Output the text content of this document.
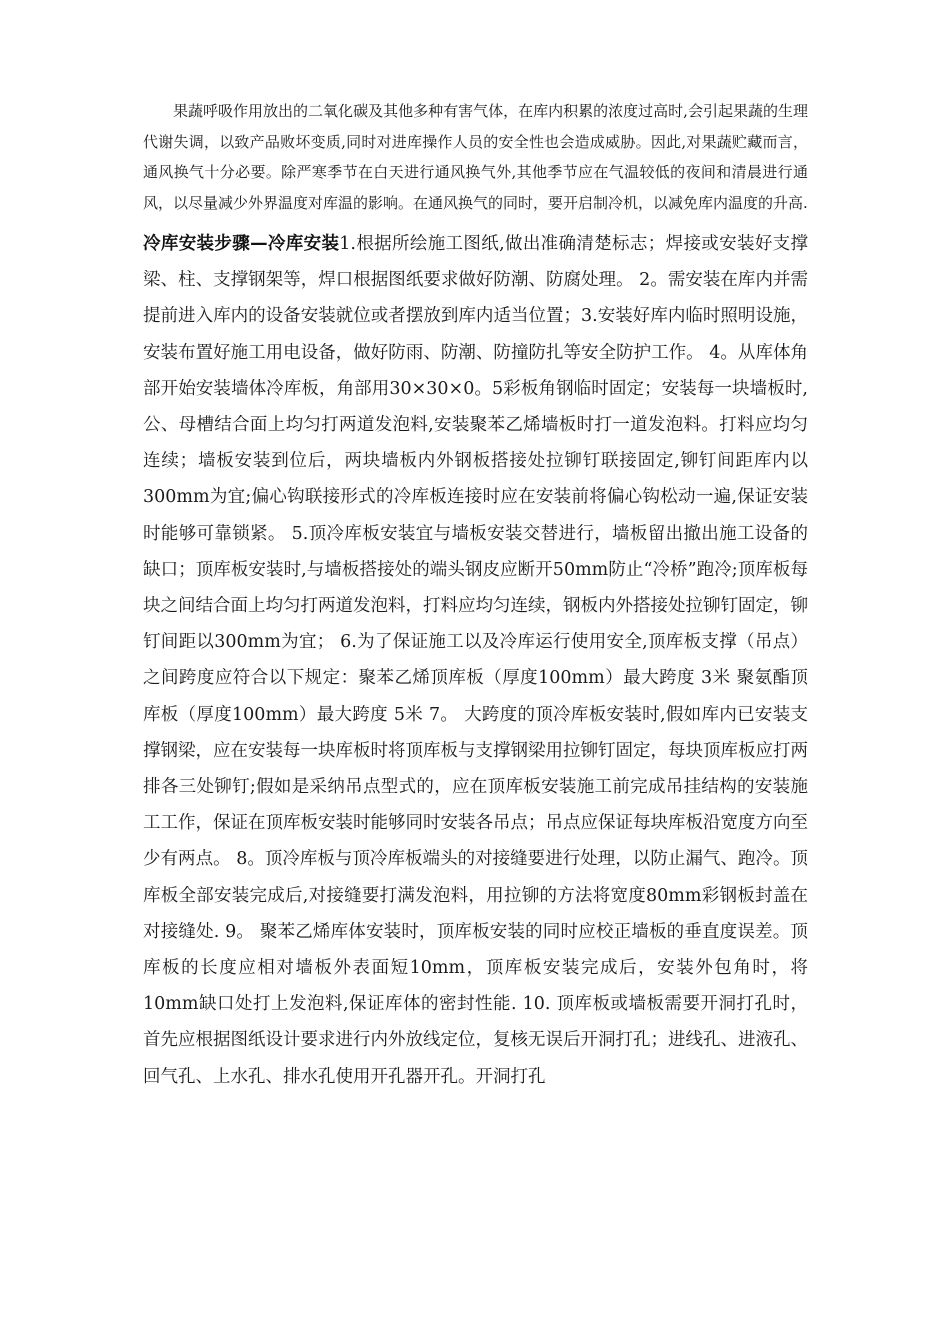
果蔬呼吸作用放出的二氧化碳及其他多种有害气体，在库内积累的浓度过高时,会引起果蔬的生理代谢失调，以致产品败坏变质,同时对进库操作人员的安全性也会造成威胁。因此,对果蔬贮藏而言，通风换气十分必要。除严寒季节在白天进行通风换气外,其他季节应在气温较低的夜间和清晨进行通风，以尽量减少外界温度对库温的影响。在通风换气的同时，要开启制冷机，以减免库内温度的升高.

冷库安装步骤—冷库安装1.根据所绘施工图纸,做出准确清楚标志；焊接或安装好支撑梁、柱、支撑钢架等，焊口根据图纸要求做好防潮、防腐处理。 2。需安装在库内并需提前进入库内的设备安装就位或者摆放到库内适当位置；3.安装好库内临时照明设施，安装布置好施工用电设备，做好防雨、防潮、防撞防扎等安全防护工作。 4。从库体角部开始安装墙体冷库板，角部用30×30×0。5彩板角钢临时固定；安装每一块墙板时,公、母槽结合面上均匀打两道发泡料,安装聚苯乙烯墙板时打一道发泡料。打料应均匀连续；墙板安装到位后，两块墙板内外钢板搭接处拉铆钉联接固定,铆钉间距库内以300mm为宜;偏心钩联接形式的冷库板连接时应在安装前将偏心钩松动一遍,保证安装时能够可靠锁紧。 5.顶冷库板安装宜与墙板安装交替进行，墙板留出撤出施工设备的缺口；顶库板安装时,与墙板搭接处的端头钢皮应断开50mm防止“冷桥”跑冷;顶库板每块之间结合面上均匀打两道发泡料，打料应均匀连续，钢板内外搭接处拉铆钉固定，铆钉间距以300mm为宜； 6.为了保证施工以及冷库运行使用安全,顶库板支撑（吊点）之间跨度应符合以下规定：聚苯乙烯顶库板（厚度100mm）最大跨度 3米 聚氨酯顶库板（厚度100mm）最大跨度 5米 7。 大跨度的顶冷库板安装时,假如库内已安装支撑钢梁，应在安装每一块库板时将顶库板与支撑钢梁用拉铆钉固定，每块顶库板应打两排各三处铆钉;假如是采纳吊点型式的，应在顶库板安装施工前完成吊挂结构的安装施工工作，保证在顶库板安装时能够同时安装各吊点；吊点应保证每块库板沿宽度方向至少有两点。 8。顶冷库板与顶冷库板端头的对接缝要进行处理，以防止漏气、跑冷。顶库板全部安装完成后,对接缝要打满发泡料，用拉铆的方法将宽度80mm彩钢板封盖在对接缝处. 9。 聚苯乙烯库体安装时，顶库板安装的同时应校正墙板的垂直度误差。顶库板的长度应相对墙板外表面短10mm，顶库板安装完成后，安装外包角时，将10mm缺口处打上发泡料,保证库体的密封性能. 10. 顶库板或墙板需要开洞打孔时，首先应根据图纸设计要求进行内外放线定位，复核无误后开洞打孔；进线孔、进液孔、回气孔、上水孔、排水孔使用开孔器开孔。开洞打孔
